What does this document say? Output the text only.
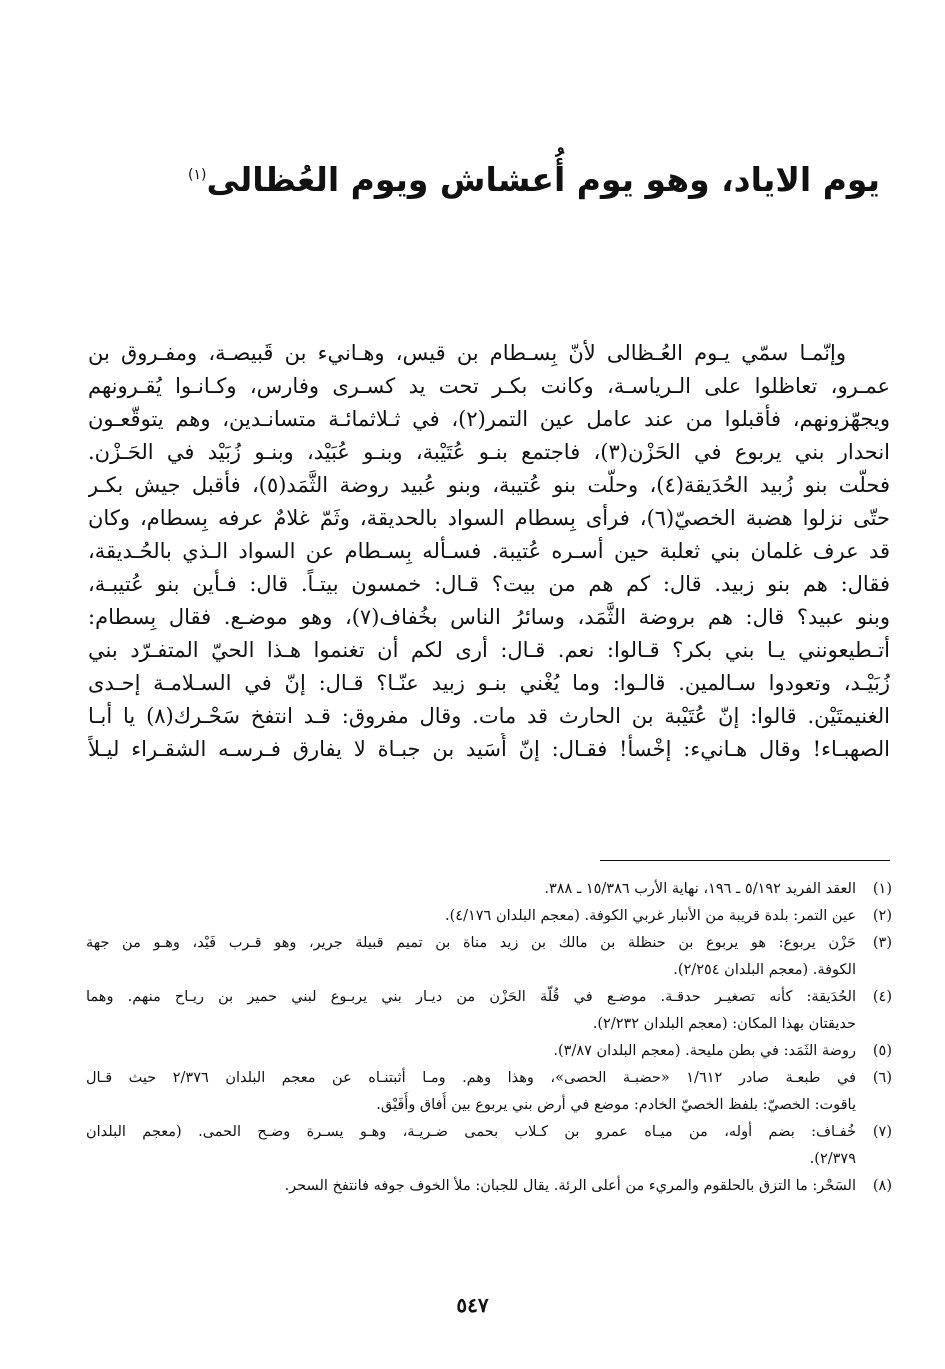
يوم الاياد، وهو يوم أُعشاش ويوم العُظالى$^{(١)}$
وإنّمـا سمّي يـوم العُـظالى لأنّ بِسـطام بن قيس، وهـانيء بن قَبيصـة، ومفـروق بن
عمـرو، تعاظلوا على الـرياسـة، وكانت بكـر تحت يد كسـرى وفارس، وكـانـوا يُقـرونهم
ويجهّزونهم، فأقبلوا من عند عامل عين التمر(٢)، في ثـلاثمائـة متسانـدين، وهم يتوقّعـون
انحدار بني يربوع في الحَزْن(٣)، فاجتمع بنـو عُتَيْبة، وبنـو عُبَيْد، وبنـو زُبَيْد في الحَـزْن.
فحلّت بنو زُبيد الحُدَيقة(٤)، وحلّت بنو عُتيبة، وبنو عُبيد روضة الثَّمَد(٥)، فأقبل جيش بكـر
حتّى نزلوا هضبة الخصيّ(٦)، فرأى بِسطام السواد بالحديقة، وثَمّ غلامٌ عرفه بِسطام، وكان
قد عرف غلمان بني ثعلبة حين أسـره عُتيبة. فسـأله بِسـطام عن السواد الـذي بالحُـديقة،
فقال: هم بنو زبيد. قال: كم هم من بيت؟ قـال: خمسون بيتـاً. قال: فـأين بنو عُتيبـة،
وبنو عبيد؟ قال: هم بروضة الثَّمَد، وسائرُ الناس بخُفاف(٧)، وهو موضـع. فقال بِسطام:
أتـطيعونني يـا بني بكر؟ قـالوا: نعم. قـال: أرى لكم أن تغنموا هـذا الحيّ المتفـرّد بني
زُبَيْـد، وتعودوا سـالمين. قالـوا: وما يُغْني بنـو زبيد عنّـا؟ قـال: إنّ في السـلامـة إحـدى
الغنيمتَيْن. قالوا: إنّ عُتَيْبة بن الحارث قد مات. وقال مفروق: قـد انتفخ سَحْـرك(٨) يا أبـا
الصهبـاء! وقال هـانيء: إخْسأ! فقـال: إنّ أُسَيد بن جبـاة لا يفارق فـرسـه الشقـراء ليـلاً
(١)
العقد الفريد ٥/١٩٢ ـ ١٩٦، نهاية الأرب ١٥/٣٨٦ ـ ٣٨٨.
(٢)
عين التمر: بلدة قريبة من الأنبار غربي الكوفة. (معجم البلدان ٤/١٧٦).
(٣)
حَزْن يربوع: هو يربوع بن حنظلة بن مالك بن زيد مناة بن تميم قبيلة جرير، وهو قـرب فَيْد، وهـو من جهة
الكوفة. (معجم البلدان ٢/٢٥٤).
(٤)
الحُدَيقة: كأنه تصغيـر حدقـة. موضـع في قُلّة الحَزْن من ديـار بني يربـوع لبني حمير بن ريـاح منهم. وهما
حديقتان بهذا المكان: (معجم البلدان ٢/٢٣٢).
(٥)
روضة الثَمَد: في بطن مليحة. (معجم البلدان ٣/٨٧).
(٦)
في طبعـة صادر ١/٦١٢ «حضبـة الحصى»، وهذا وهم. ومـا أثبتنـاه عن معجم البلدان ٢/٣٧٦ حيث قـال
ياقوت: الخصيّ: بلفظ الخصيّ الخادم: موضع في أرض بني يربوع بين أُفاق وأُفَيْق.
(٧)
خُفـاف: بضم أوله، من ميـاه عمرو بن كـلاب بحمى ضـريـة، وهـو يسـرة وضـح الحمى. (معجم البلدان
٢/٣٧٩).
(٨)
السَحْر: ما التزق بالحلقوم والمريء من أعلى الرئة. يقال للجبان: ملأ الخوف جوفه فانتفخ السحر.
٥٤٧
